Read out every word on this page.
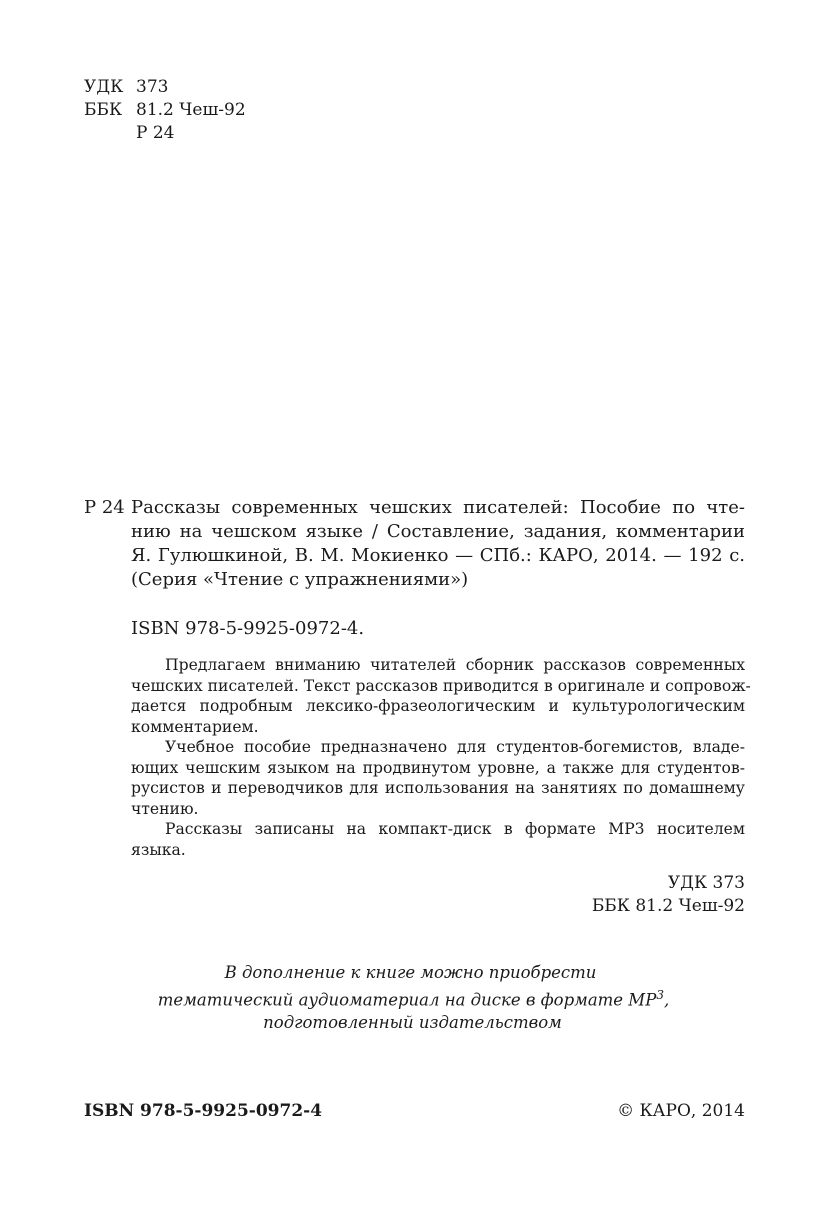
УДК 373
ББК 81.2 Чеш-92
Р 24
Р 24 Рассказы современных чешских писателей: Пособие по чте-
нию на чешском языке / Составление, задания, комментарии
Я. Гулюшкиной, В. М. Мокиенко — СПб.: КАРО, 2014. — 192 с.
(Серия «Чтение с упражнениями»)
ISBN 978-5-9925-0972-4.
Предлагаем вниманию читателей сборник рассказов современных
чешских писателей. Текст рассказов приводится в оригинале и сопровож-
дается подробным лексико-фразеологическим и культурологическим
комментарием.
Учебное пособие предназначено для студентов-богемистов, владе-
ющих чешским языком на продвинутом уровне, а также для студентов-
русистов и переводчиков для использования на занятиях по домашнему
чтению.
Рассказы записаны на компакт-диск в формате MP3 носителем
языка.
УДК 373
ББК 81.2 Чеш-92
В дополнение к книге можно приобрести
тематический аудиоматериал на диске в формате $MP^3$,
подготовленный издательством
ISBN 978-5-9925-0972-4	© КАРО, 2014
